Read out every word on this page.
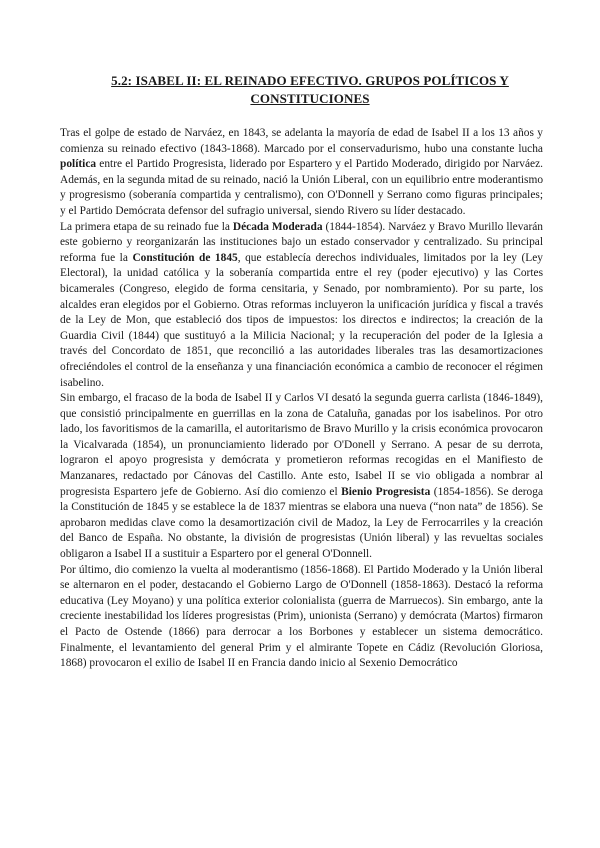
5.2: ISABEL II: EL REINADO EFECTIVO. GRUPOS POLÍTICOS Y CONSTITUCIONES

Tras el golpe de estado de Narváez, en 1843, se adelanta la mayoría de edad de Isabel II a los 13 años y comienza su reinado efectivo (1843-1868). Marcado por el conservadurismo, hubo una constante lucha política entre el Partido Progresista, liderado por Espartero y el Partido Moderado, dirigido por Narváez. Además, en la segunda mitad de su reinado, nació la Unión Liberal, con un equilibrio entre moderantismo y progresismo (soberanía compartida y centralismo), con O'Donnell y Serrano como figuras principales; y el Partido Demócrata defensor del sufragio universal, siendo Rivero su líder destacado.

La primera etapa de su reinado fue la Década Moderada (1844-1854). Narváez y Bravo Murillo llevarán este gobierno y reorganizarán las instituciones bajo un estado conservador y centralizado. Su principal reforma fue la Constitución de 1845, que establecía derechos individuales, limitados por la ley (Ley Electoral), la unidad católica y la soberanía compartida entre el rey (poder ejecutivo) y las Cortes bicamerales (Congreso, elegido de forma censitaria, y Senado, por nombramiento). Por su parte, los alcaldes eran elegidos por el Gobierno. Otras reformas incluyeron la unificación jurídica y fiscal a través de la Ley de Mon, que estableció dos tipos de impuestos: los directos e indirectos; la creación de la Guardia Civil (1844) que sustituyó a la Milicia Nacional; y la recuperación del poder de la Iglesia a través del Concordato de 1851, que reconcilió a las autoridades liberales tras las desamortizaciones ofreciéndoles el control de la enseñanza y una financiación económica a cambio de reconocer el régimen isabelino.

Sin embargo, el fracaso de la boda de Isabel II y Carlos VI desató la segunda guerra carlista (1846-1849), que consistió principalmente en guerrillas en la zona de Cataluña, ganadas por los isabelinos. Por otro lado, los favoritismos de la camarilla, el autoritarismo de Bravo Murillo y la crisis económica provocaron la Vicalvarada (1854), un pronunciamiento liderado por O'Donell y Serrano. A pesar de su derrota, lograron el apoyo progresista y demócrata y prometieron reformas recogidas en el Manifiesto de Manzanares, redactado por Cánovas del Castillo. Ante esto, Isabel II se vio obligada a nombrar al progresista Espartero jefe de Gobierno. Así dio comienzo el Bienio Progresista (1854-1856). Se deroga la Constitución de 1845 y se establece la de 1837 mientras se elabora una nueva (“non nata” de 1856). Se aprobaron medidas clave como la desamortización civil de Madoz, la Ley de Ferrocarriles y la creación del Banco de España. No obstante, la división de progresistas (Unión liberal) y las revueltas sociales obligaron a Isabel II a sustituir a Espartero por el general O'Donnell.

Por último, dio comienzo la vuelta al moderantismo (1856-1868). El Partido Moderado y la Unión liberal se alternaron en el poder, destacando el Gobierno Largo de O'Donnell (1858-1863). Destacó la reforma educativa (Ley Moyano) y una política exterior colonialista (guerra de Marruecos). Sin embargo, ante la creciente inestabilidad los líderes progresistas (Prim), unionista (Serrano) y demócrata (Martos) firmaron el Pacto de Ostende (1866) para derrocar a los Borbones y establecer un sistema democrático. Finalmente, el levantamiento del general Prim y el almirante Topete en Cádiz (Revolución Gloriosa, 1868) provocaron el exilio de Isabel II en Francia dando inicio al Sexenio Democrático
